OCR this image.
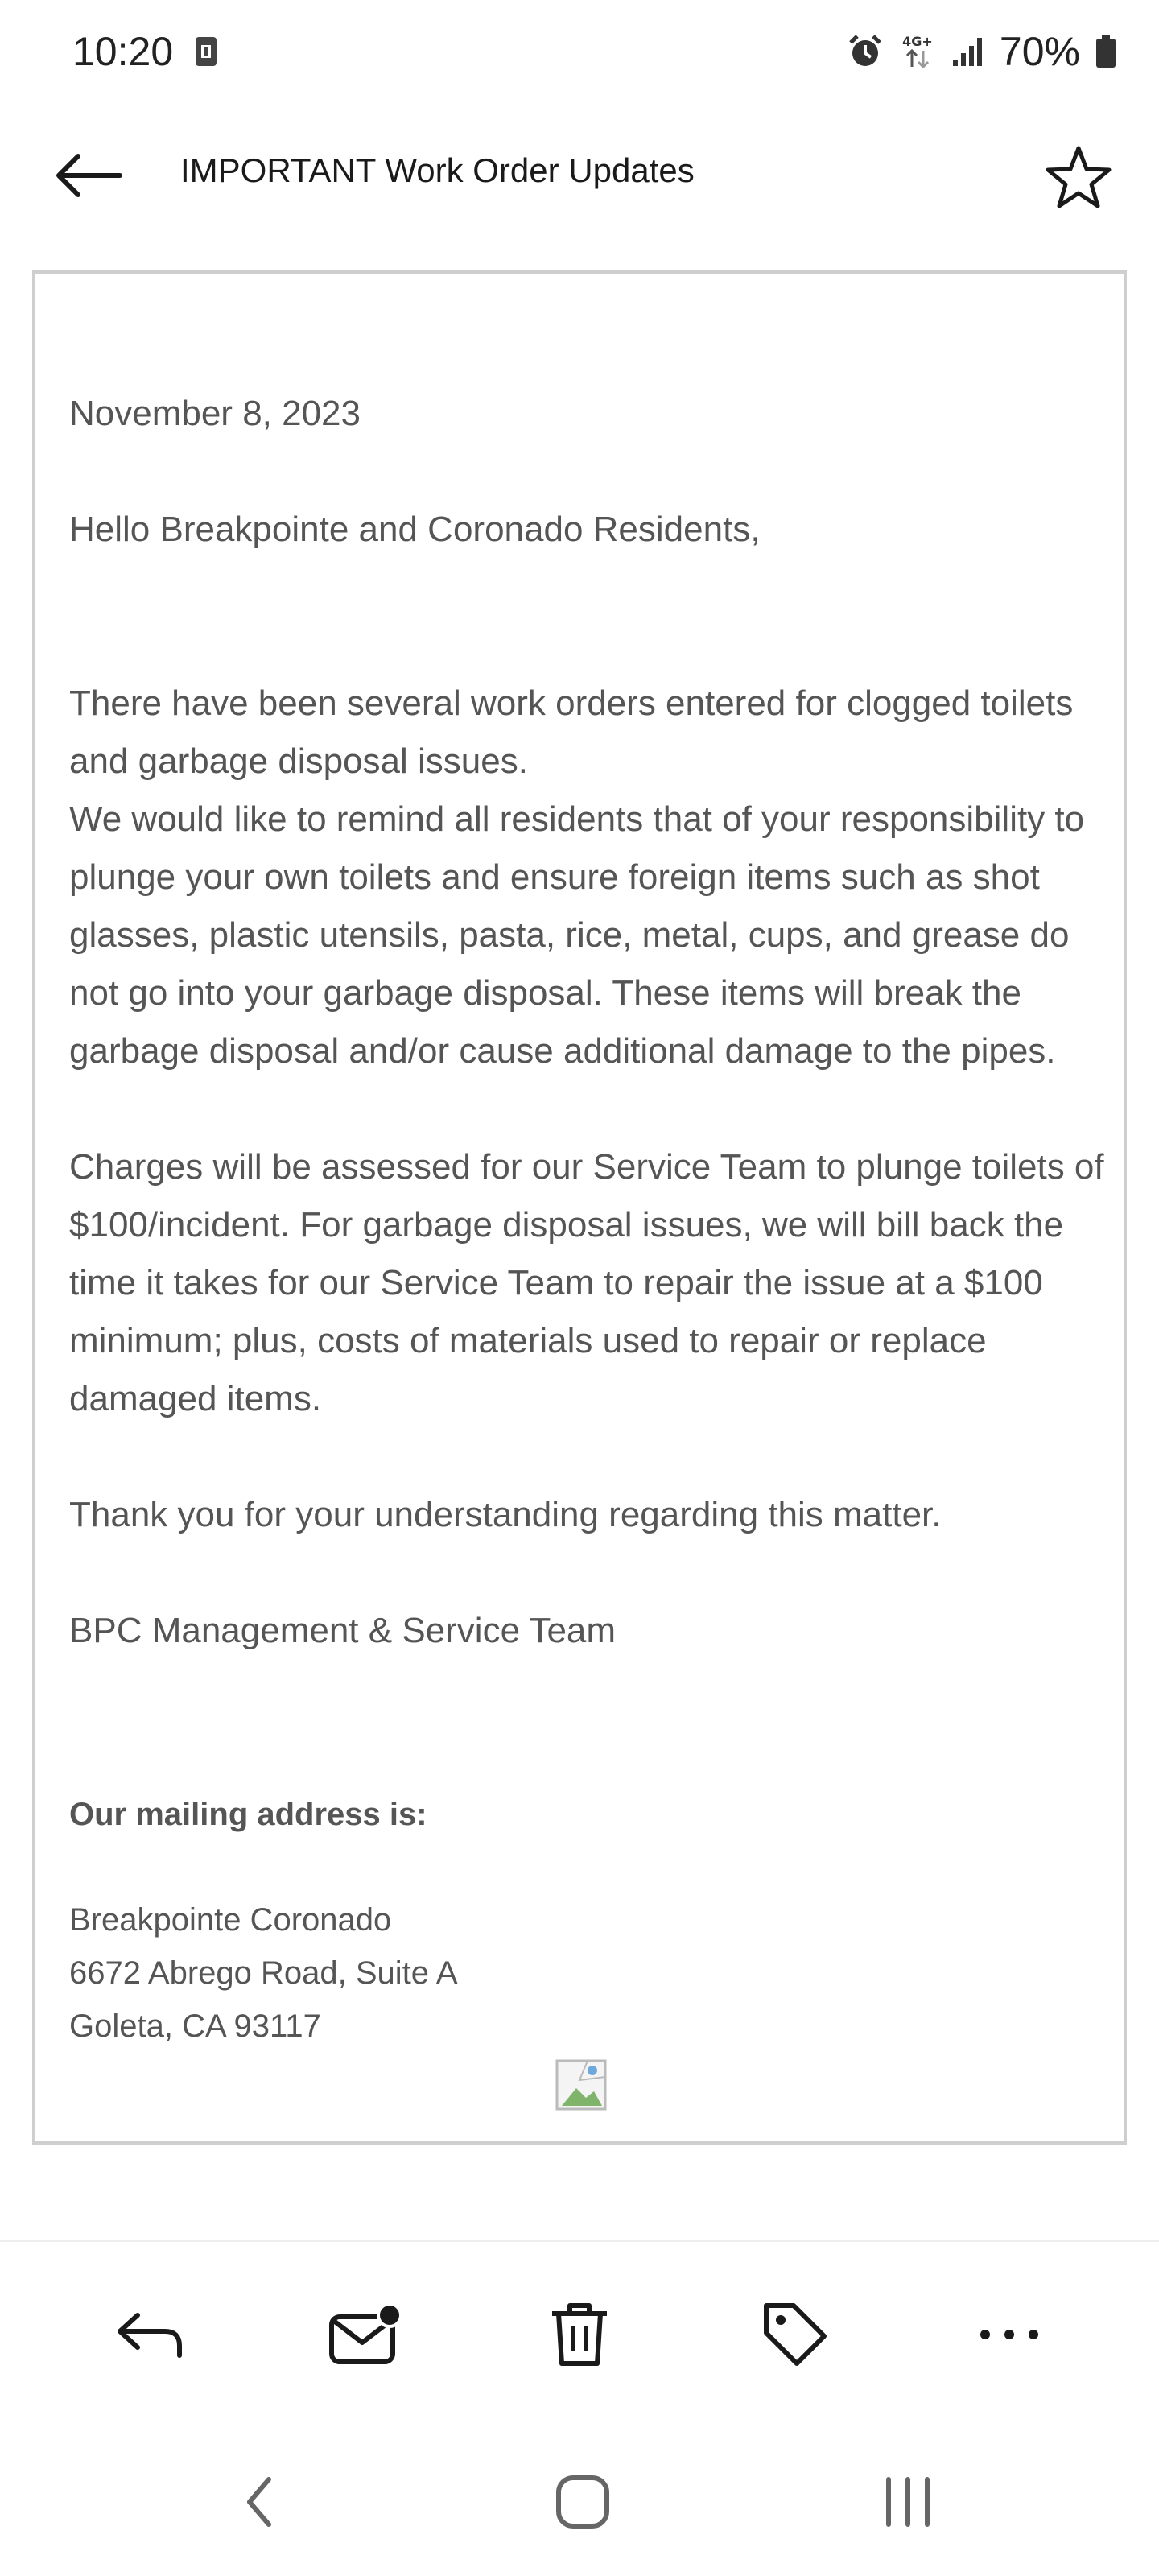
10:20	4G+ 70%
IMPORTANT Work Order Updates

November 8, 2023

Hello Breakpointe and Coronado Residents,

There have been several work orders entered for clogged toilets and garbage disposal issues.

We would like to remind all residents that of your responsibility to plunge your own toilets and ensure foreign items such as shot glasses, plastic utensils, pasta, rice, metal, cups, and grease do not go into your garbage disposal. These items will break the garbage disposal and/or cause additional damage to the pipes.

Charges will be assessed for our Service Team to plunge toilets of $100/incident. For garbage disposal issues, we will bill back the time it takes for our Service Team to repair the issue at a $100 minimum; plus, costs of materials used to repair or replace damaged items.

Thank you for your understanding regarding this matter.

BPC Management & Service Team

Our mailing address is:
Breakpointe Coronado
6672 Abrego Road, Suite A
Goleta, CA 93117
